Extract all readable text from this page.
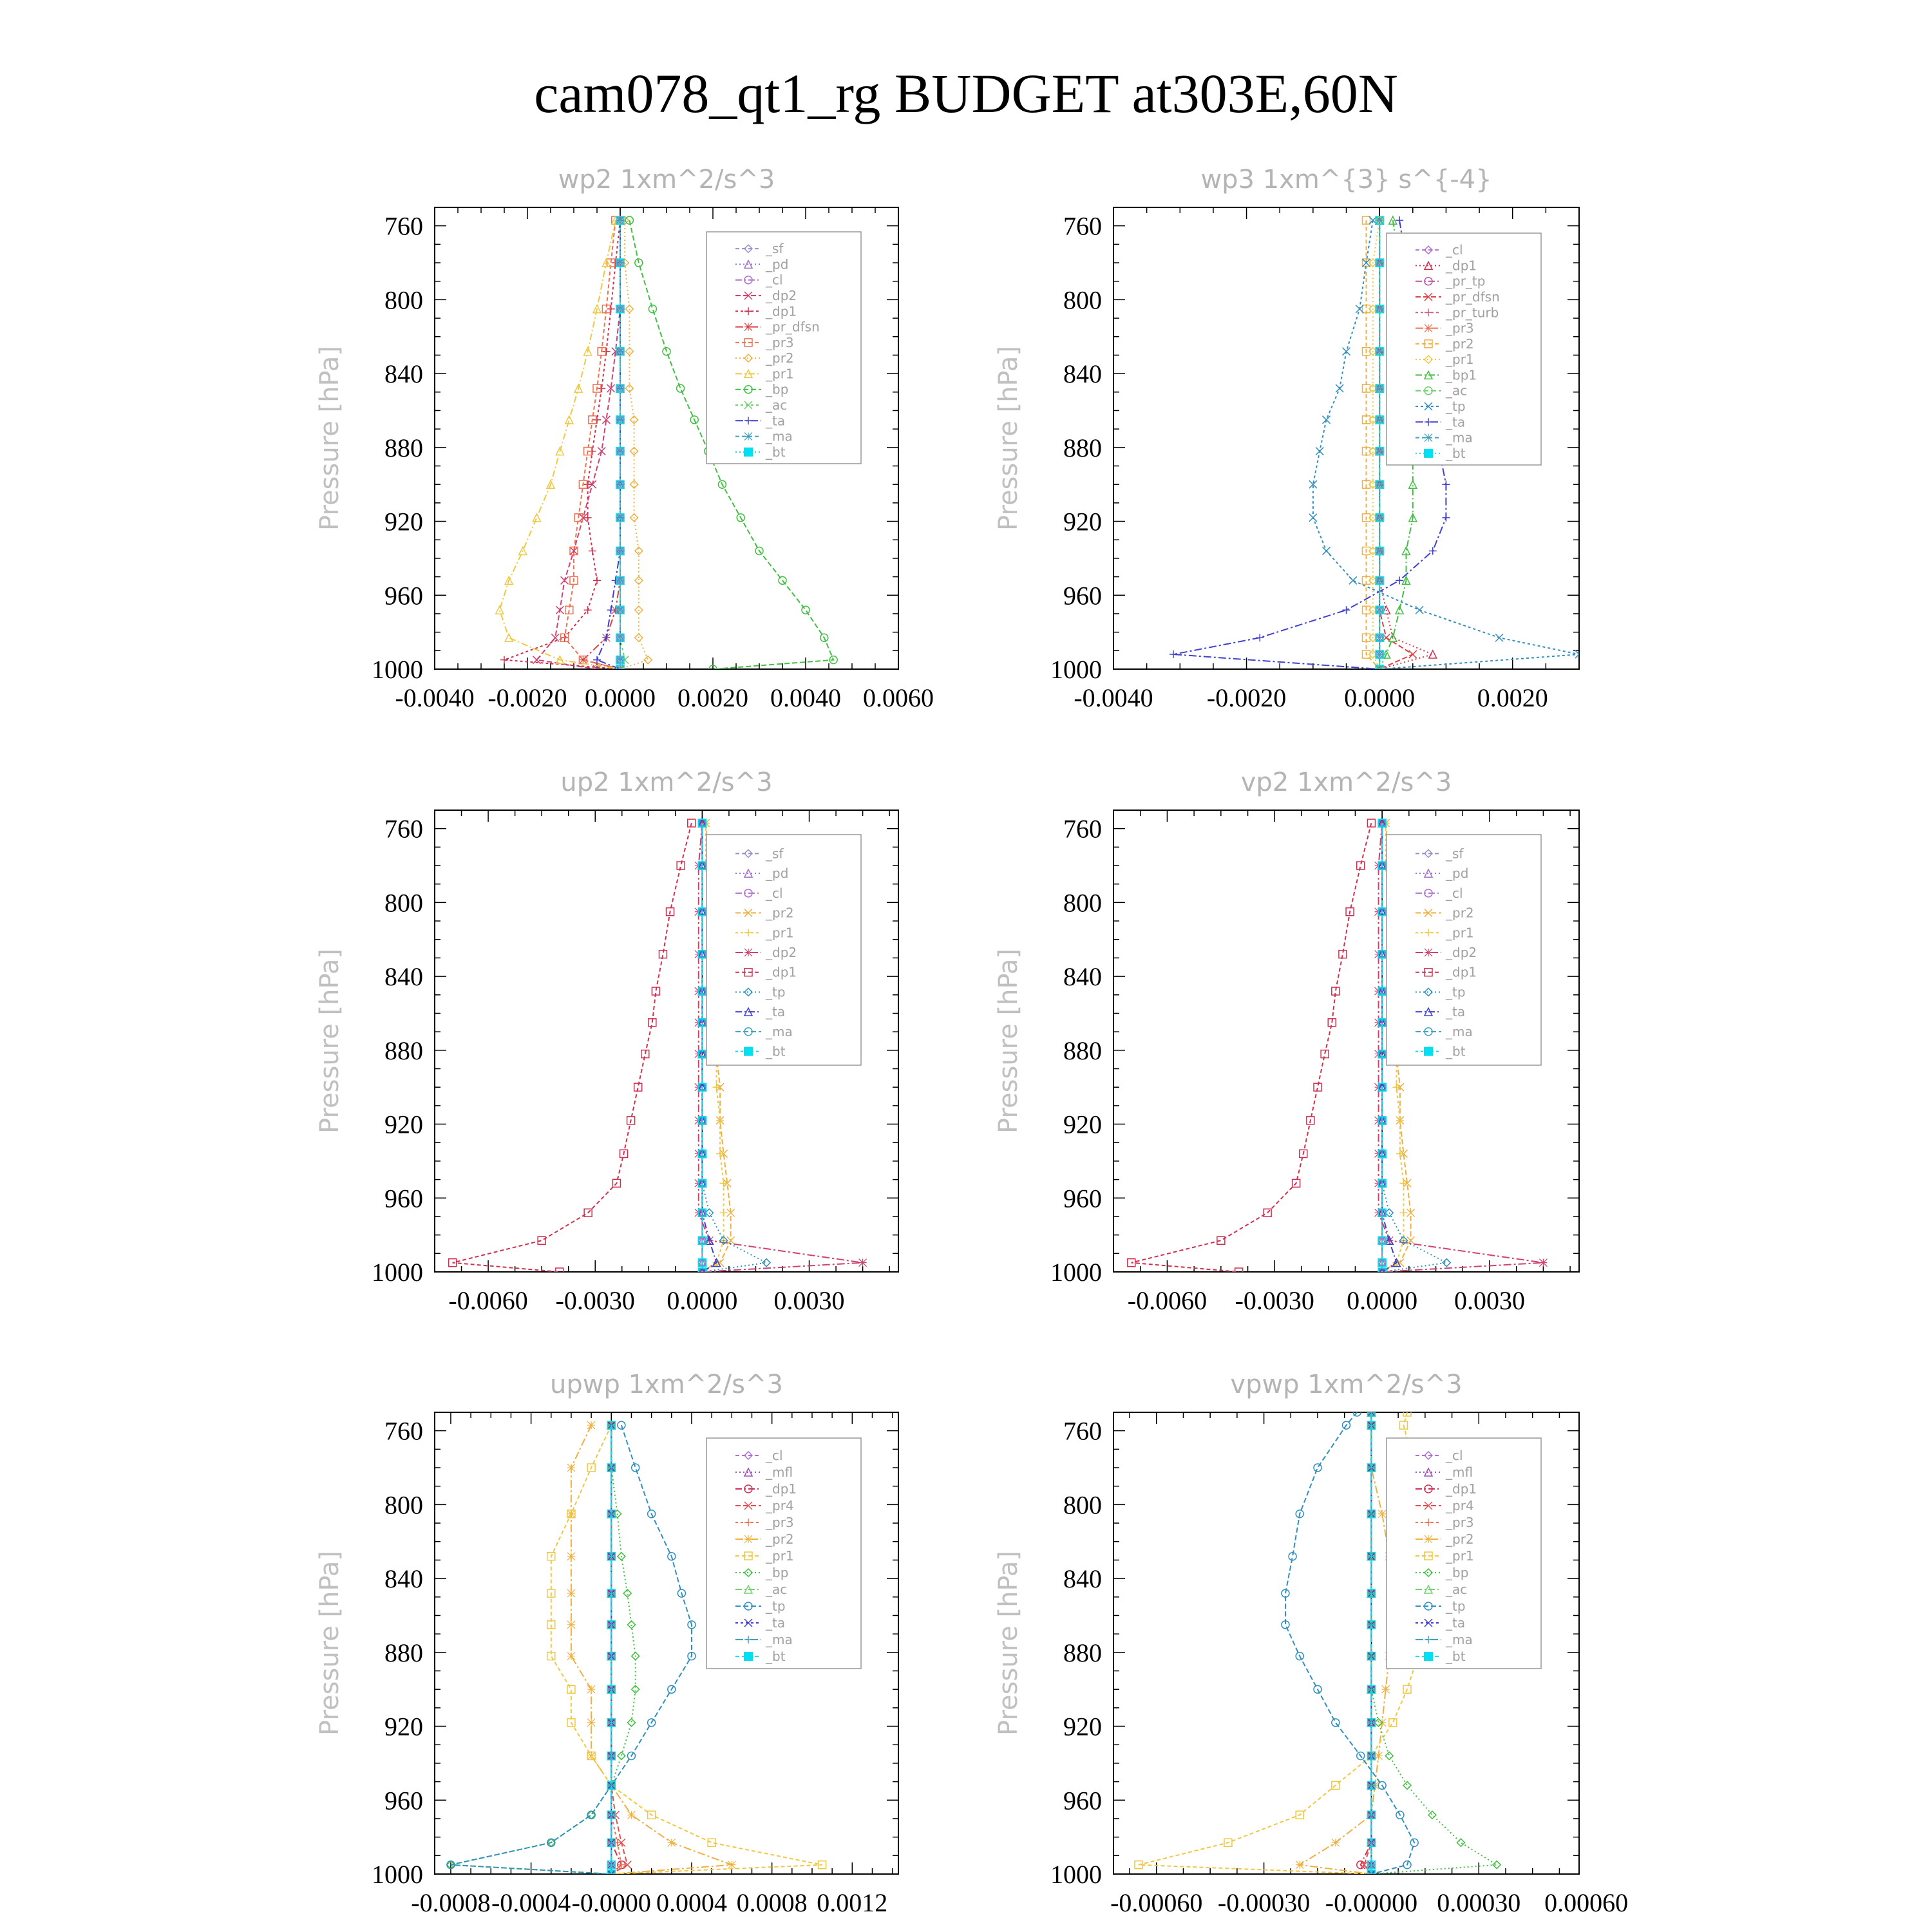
cam078_qt1_rg BUDGET at303E,60N
wp2 1xm^2/s^3
Pressure [hPa]
760
800
840
880
920
960
1000
-0.0040 -0.0020 0.0000 0.0020 0.0040 0.0060
_sf
_pd
_cl
_dp2
_dp1
_pr_dfsn
_pr3
_pr2
_pr1
_bp
_ac
_ta
_ma
_bt
wp3 1xm^{3} s^{-4}
Pressure [hPa]
760
800
840
880
920
960
1000
-0.0040 -0.0020 0.0000 0.0020
_cl
_dp1
_pr_tp
_pr_dfsn
_pr_turb
_pr3
_pr2
_pr1
_bp1
_ac
_tp
_ta
_ma
_bt
up2 1xm^2/s^3
Pressure [hPa]
760
800
840
880
920
960
1000
-0.0060 -0.0030 0.0000 0.0030
_sf
_pd
_cl
_pr2
_pr1
_dp2
_dp1
_tp
_ta
_ma
_bt
vp2 1xm^2/s^3
Pressure [hPa]
760
800
840
880
920
960
1000
-0.0060 -0.0030 0.0000 0.0030
_sf
_pd
_cl
_pr2
_pr1
_dp2
_dp1
_tp
_ta
_ma
_bt
upwp 1xm^2/s^3
Pressure [hPa]
760
800
840
880
920
960
1000
-0.0008 -0.0004 -0.0000 0.0004 0.0008 0.0012
_cl
_mfl
_dp1
_pr4
_pr3
_pr2
_pr1
_bp
_ac
_tp
_ta
_ma
_bt
vpwp 1xm^2/s^3
Pressure [hPa]
760
800
840
880
920
960
1000
-0.00060 -0.00030 -0.00000 0.00030 0.00060
_cl
_mfl
_dp1
_pr4
_pr3
_pr2
_pr1
_bp
_ac
_tp
_ta
_ma
_bt
